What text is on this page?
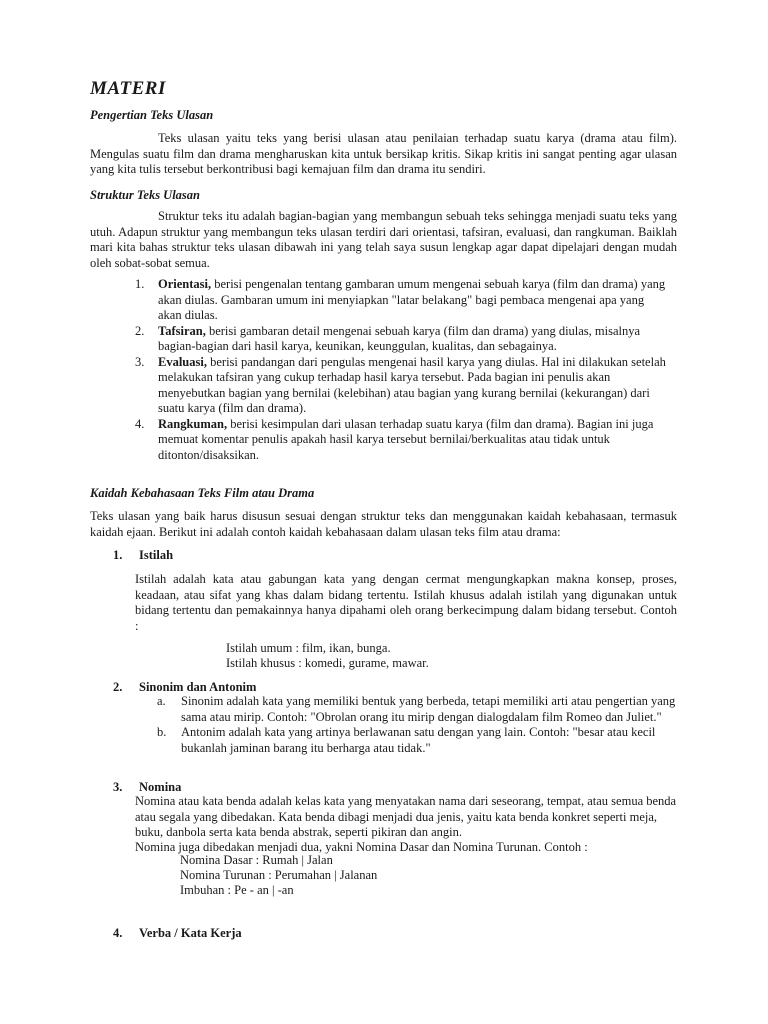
MATERI
Pengertian Teks Ulasan

Teks ulasan yaitu teks yang berisi ulasan atau penilaian terhadap suatu karya (drama atau film). Mengulas suatu film dan drama mengharuskan kita untuk bersikap kritis. Sikap kritis ini sangat penting agar ulasan yang kita tulis tersebut berkontribusi bagi kemajuan film dan drama itu sendiri.

Struktur Teks Ulasan

Struktur teks itu adalah bagian-bagian yang membangun sebuah teks sehingga menjadi suatu teks yang utuh. Adapun struktur yang membangun teks ulasan terdiri dari orientasi, tafsiran, evaluasi, dan rangkuman. Baiklah mari kita bahas struktur teks ulasan dibawah ini yang telah saya susun lengkap agar dapat dipelajari dengan mudah oleh sobat-sobat semua.

1. Orientasi, berisi pengenalan tentang gambaran umum mengenai sebuah karya (film dan drama) yang akan diulas. Gambaran umum ini menyiapkan "latar belakang" bagi pembaca mengenai apa yang akan diulas.
2. Tafsiran, berisi gambaran detail mengenai sebuah karya (film dan drama) yang diulas, misalnya bagian-bagian dari hasil karya, keunikan, keunggulan, kualitas, dan sebagainya.
3. Evaluasi, berisi pandangan dari pengulas mengenai hasil karya yang diulas. Hal ini dilakukan setelah melakukan tafsiran yang cukup terhadap hasil karya tersebut. Pada bagian ini penulis akan menyebutkan bagian yang bernilai (kelebihan) atau bagian yang kurang bernilai (kekurangan) dari suatu karya (film dan drama).
4. Rangkuman, berisi kesimpulan dari ulasan terhadap suatu karya (film dan drama). Bagian ini juga memuat komentar penulis apakah hasil karya tersebut bernilai/berkualitas atau tidak untuk ditonton/disaksikan.
Kaidah Kebahasaan Teks Film atau Drama

Teks ulasan yang baik harus disusun sesuai dengan struktur teks dan menggunakan kaidah kebahasaan, termasuk kaidah ejaan. Berikut ini adalah contoh kaidah kebahasaan dalam ulasan teks film atau drama:

1. Istilah

Istilah adalah kata atau gabungan kata yang dengan cermat mengungkapkan makna konsep, proses, keadaan, atau sifat yang khas dalam bidang tertentu. Istilah khusus adalah istilah yang digunakan untuk bidang tertentu dan pemakainnya hanya dipahami oleh orang berkecimpung dalam bidang tersebut. Contoh :

Istilah umum : film, ikan, bunga.
Istilah khusus : komedi, gurame, mawar.
2. Sinonim dan Antonim
a. Sinonim adalah kata yang memiliki bentuk yang berbeda, tetapi memiliki arti atau pengertian yang sama atau mirip. Contoh: "Obrolan orang itu mirip dengan dialogdalam film Romeo dan Juliet."
b. Antonim adalah kata yang artinya berlawanan satu dengan yang lain. Contoh: "besar atau kecil bukanlah jaminan barang itu berharga atau tidak."
3. Nomina

Nomina atau kata benda adalah kelas kata yang menyatakan nama dari seseorang, tempat, atau semua benda atau segala yang dibedakan. Kata benda dibagi menjadi dua jenis, yaitu kata benda konkret seperti meja, buku, danbola serta kata benda abstrak, seperti pikiran dan angin.

Nomina juga dibedakan menjadi dua, yakni Nomina Dasar dan Nomina Turunan. Contoh :
Nomina Dasar : Rumah | Jalan
Nomina Turunan : Perumahan | Jalanan
Imbuhan : Pe - an | -an
4. Verba / Kata Kerja
